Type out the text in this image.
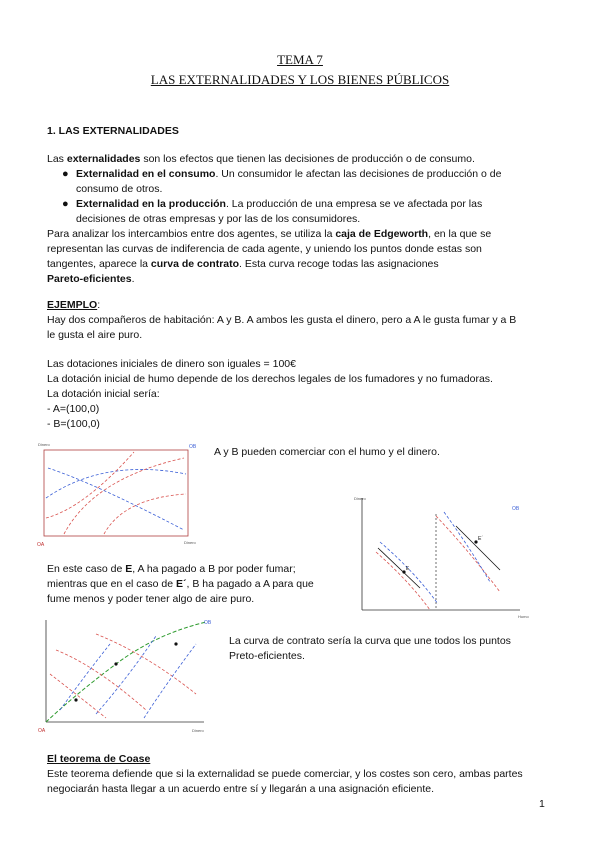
TEMA 7
LAS EXTERNALIDADES Y LOS BIENES PÚBLICOS
1. LAS EXTERNALIDADES
Las externalidades son los efectos que tienen las decisiones de producción o de consumo.
● Externalidad en el consumo. Un consumidor le afectan las decisiones de producción o de
consumo de otros.
● Externalidad en la producción. La producción de una empresa se ve afectada por las
decisiones de otras empresas y por las de los consumidores.
Para analizar los intercambios entre dos agentes, se utiliza la caja de Edgeworth, en la que se
representan las curvas de indiferencia de cada agente, y uniendo los puntos donde estas son
tangentes, aparece la curva de contrato. Esta curva recoge todas las asignaciones
Pareto-eficientes.
EJEMPLO:
Hay dos compañeros de habitación: A y B. A ambos les gusta el dinero, pero a A le gusta fumar y a B
le gusta el aire puro.
Las dotaciones iniciales de dinero son iguales = 100€
La dotación inicial de humo depende de los derechos legales de los fumadores y no fumadoras.
La dotación inicial sería:
- A=(100,0)
- B=(100,0)
Dinero
Dinero
OA
OB A y B pueden comerciar con el humo y el dinero.
Dinero
Humo
OB
E
E´
En este caso de E, A ha pagado a B por poder fumar;
mientras que en el caso de E´, B ha pagado a A para que
fume menos y poder tener algo de aire puro.
Dinero
OA
OB
La curva de contrato sería la curva que une todos los puntos
Preto-eficientes.
El teorema de Coase
Este teorema defiende que si la externalidad se puede comerciar, y los costes son cero, ambas partes
negociarán hasta llegar a un acuerdo entre sí y llegarán a una asignación eficiente.
1
